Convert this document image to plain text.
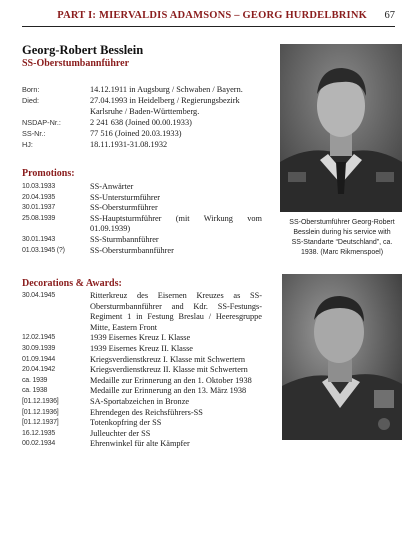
PART I: MIERVALDIS ADAMSONS – GEORG HURDELBRINK 67
Georg-Robert Besslein
SS-Oberstumbannführer
Born:	14.12.1911 in Augsburg / Schwaben / Bayern.
Died:	27.04.1993 in Heidelberg / Regierungsbezirk
Karlsruhe / Baden-Württemberg.
NSDAP-Nr.:	2 241 638 (Joined 00.00.1933)
SS-Nr.:	77 516 (Joined 20.03.1933)
HJ:	18.11.1931-31.08.1932
Promotions:
10.03.1933	SS-Anwärter
20.04.1935	SS-Untersturmführer
30.01.1937	SS-Obersturmführer
25.08.1939	SS-Hauptsturmführer (mit Wirkung vom 01.09.1939)
30.01.1943	SS-Sturmbannführer
01.03.1945 (?)	SS-Obersturmbannführer
Decorations & Awards:
30.04.1945	Ritterkreuz des Eisernen Kreuzes as SS-Obersturmbannführer and Kdr. SS-Festungs-Regiment 1 in Festung Breslau / Heeresgruppe Mitte, Eastern Front
12.02.1945	1939 Eisernes Kreuz I. Klasse
30.09.1939	1939 Eisernes Kreuz II. Klasse
01.09.1944	Kriegsverdienstkreuz I. Klasse mit Schwertern
20.04.1942	Kriegsverdienstkreuz II. Klasse mit Schwertern
ca. 1939	Medaille zur Erinnerung an den 1. Oktober 1938
ca. 1938	Medaille zur Erinnerung an den 13. März 1938
[01.12.1936]	SA-Sportabzeichen in Bronze
[01.12.1936]	Ehrendegen des Reichsführers-SS
[01.12.1937]	Totenkopfring der SS
16.12.1935	Julleuchter der SS
00.02.1934	Ehrenwinkel für alte Kämpfer
SS-Oberstumführer Georg-Robert
Besslein during his service with
SS-Standarte “Deutschland”, ca.
1938. (Marc Rikmenspoel)
